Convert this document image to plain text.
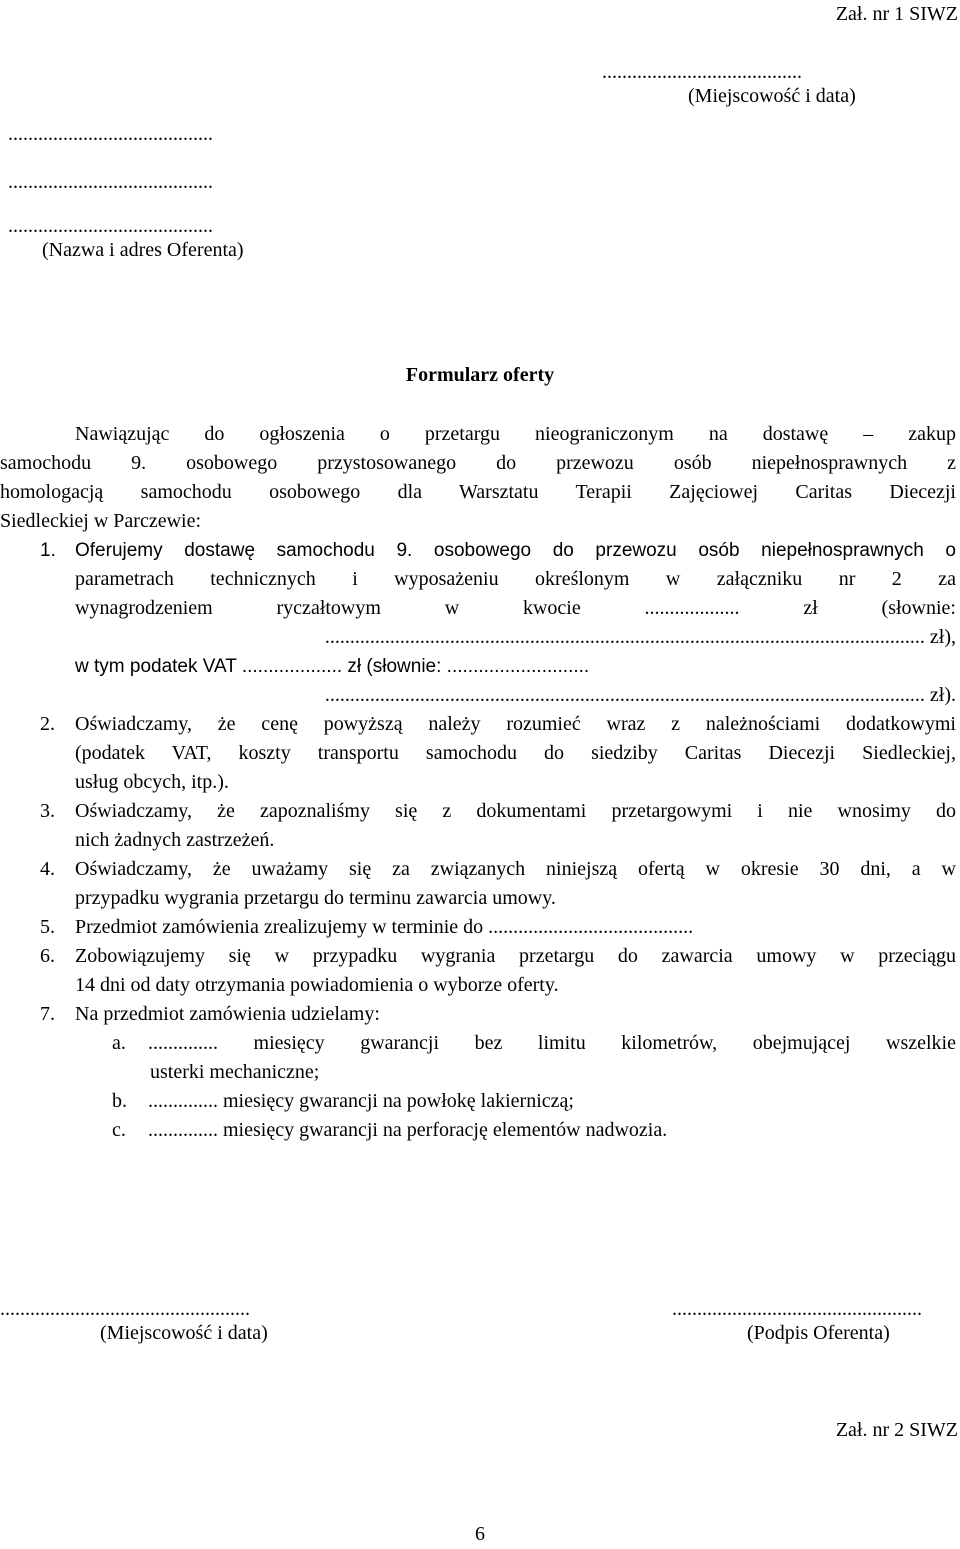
Zał. nr 1 SIWZ
........................................
(Miejscowość i data)
.........................................
.........................................
.........................................
(Nazwa i adres Oferenta)
Formularz oferty
Nawiązując do ogłoszenia o przetargu nieograniczonym na dostawę – zakup
samochodu 9. osobowego przystosowanego do przewozu osób niepełnosprawnych z
homologacją samochodu osobowego dla Warsztatu Terapii Zajęciowej Caritas Diecezji
Siedleckiej w Parczewie:
1. Oferujemy dostawę samochodu 9. osobowego do przewozu osób niepełnosprawnych o
parametrach technicznych i wyposażeniu określonym w załączniku nr 2 za
wynagrodzeniem ryczałtowym w kwocie ................... zł (słownie:
........................................................................................................................ zł),
w tym podatek VAT ................... zł (słownie: ...........................
........................................................................................................................ zł).
2. Oświadczamy, że cenę powyższą należy rozumieć wraz z należnościami dodatkowymi
(podatek VAT, koszty transportu samochodu do siedziby Caritas Diecezji Siedleckiej,
usług obcych, itp.).
3. Oświadczamy, że zapoznaliśmy się z dokumentami przetargowymi i nie wnosimy do
nich żadnych zastrzeżeń.
4. Oświadczamy, że uważamy się za związanych niniejszą ofertą w okresie 30 dni, a w
przypadku wygrania przetargu do terminu zawarcia umowy.
5. Przedmiot zamówienia zrealizujemy w terminie do .........................................
6. Zobowiązujemy się w przypadku wygrania przetargu do zawarcia umowy w przeciągu
14 dni od daty otrzymania powiadomienia o wyborze oferty.
7. Na przedmiot zamówienia udzielamy:
a. .............. miesięcy gwarancji bez limitu kilometrów, obejmującej wszelkie
usterki mechaniczne;
b. .............. miesięcy gwarancji na powłokę lakierniczą;
c. .............. miesięcy gwarancji na perforację elementów nadwozia.
..................................................
(Miejscowość i data)
..................................................
(Podpis Oferenta)
Zał. nr 2 SIWZ
6
